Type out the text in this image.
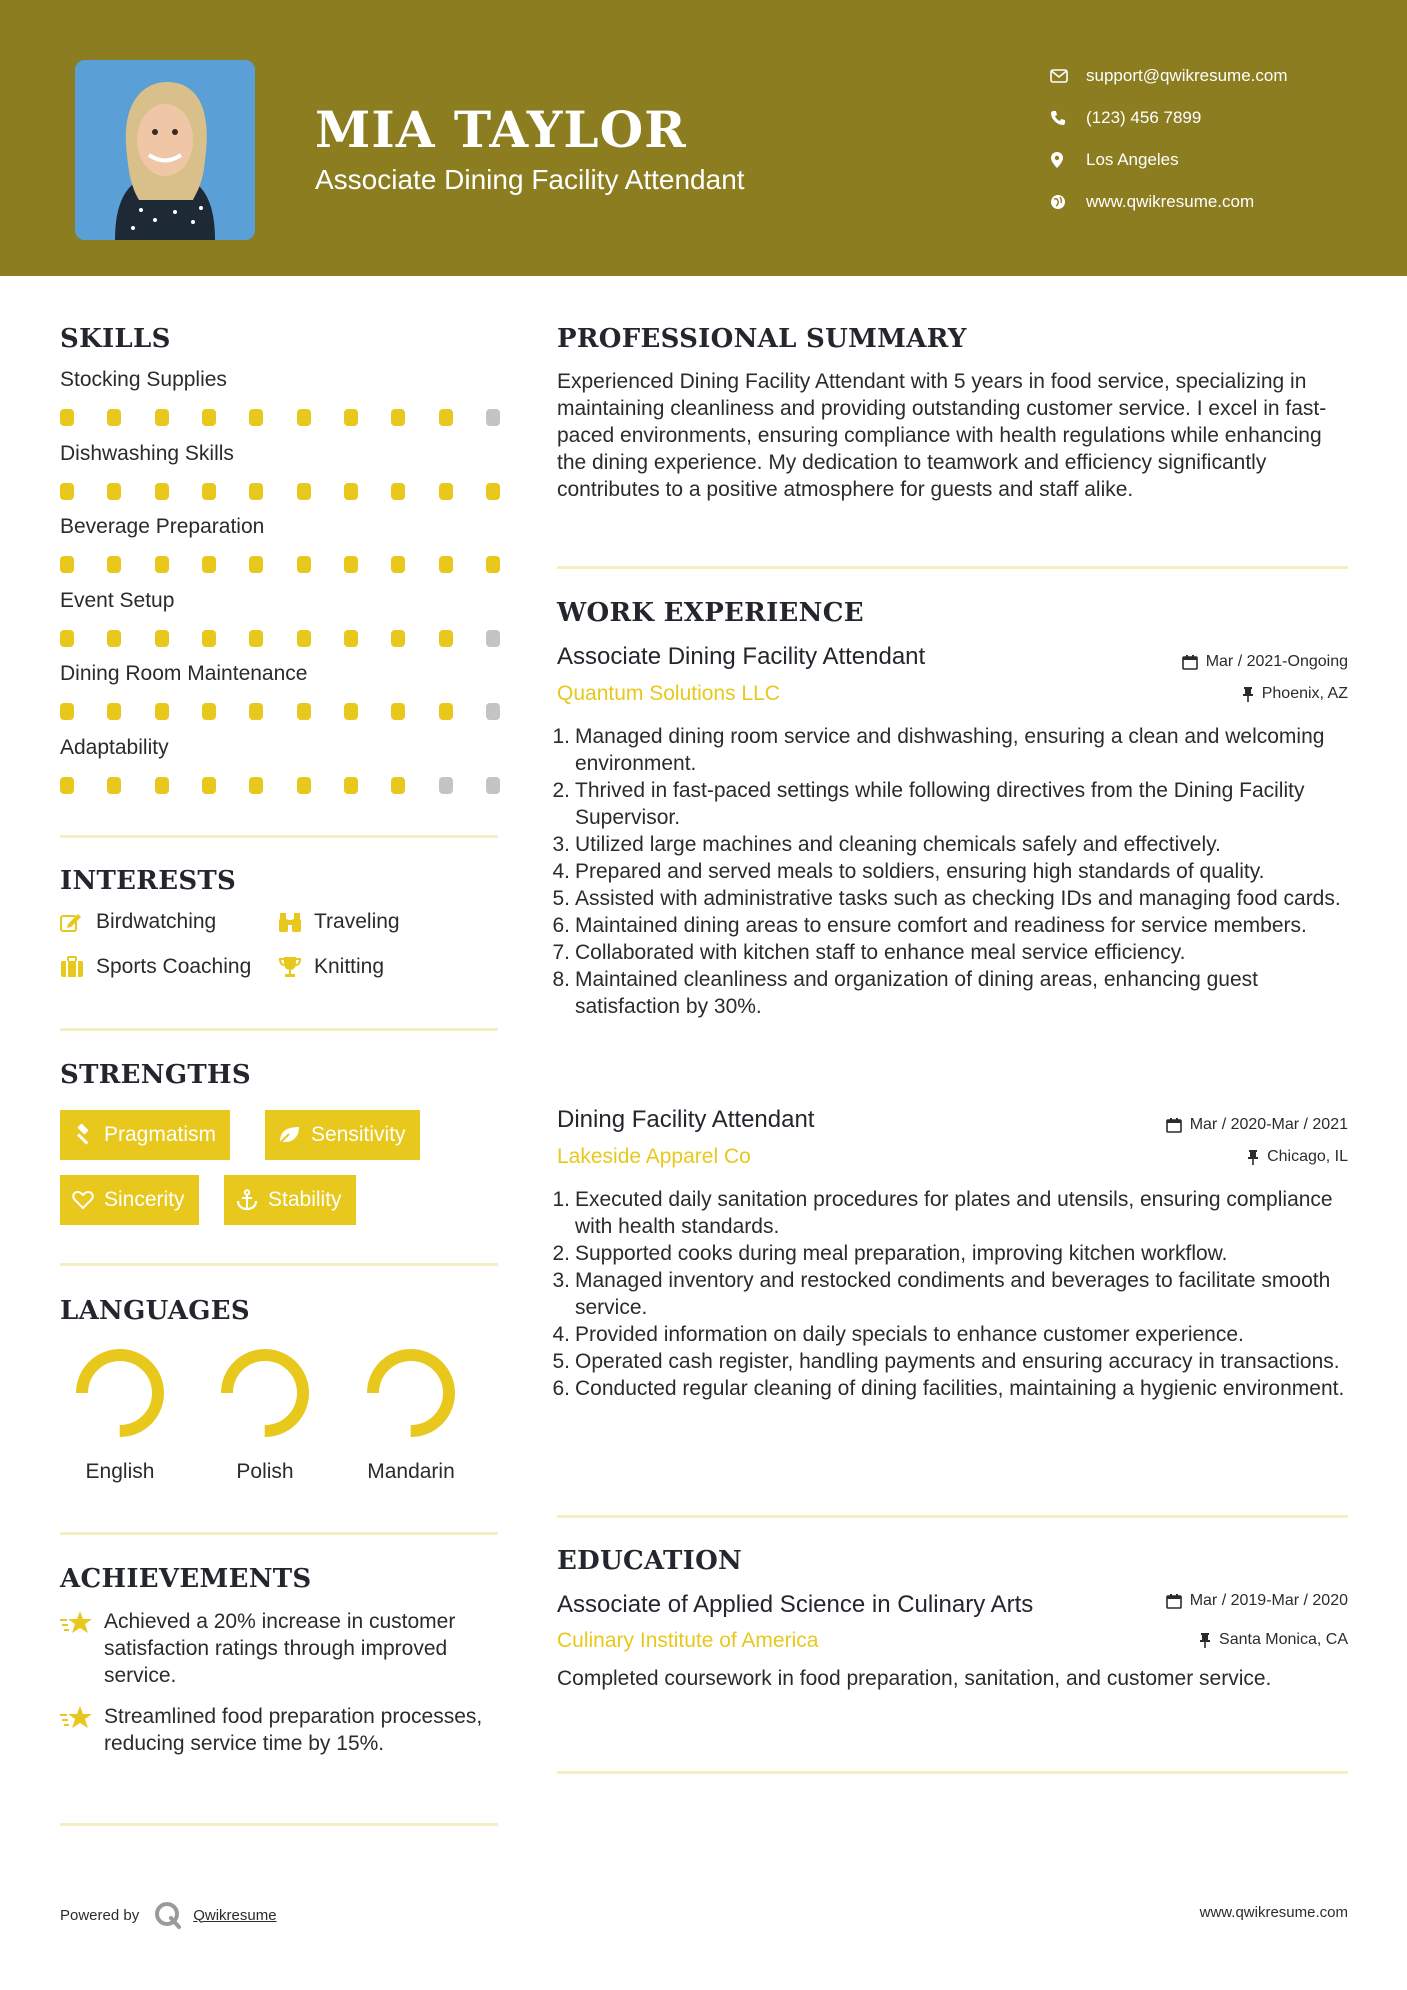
MIA TAYLOR
Associate Dining Facility Attendant
support@qwikresume.com
(123) 456 7899
Los Angeles
www.qwikresume.com
SKILLS
Stocking Supplies
Dishwashing Skills
Beverage Preparation
Event Setup
Dining Room Maintenance
Adaptability
INTERESTS
Birdwatching	Traveling
Sports Coaching	Knitting
STRENGTHS
Pragmatism	Sensitivity
Sincerity	Stability
LANGUAGES
English	Polish	Mandarin
ACHIEVEMENTS
Achieved a 20% increase in customer satisfaction ratings through improved service.
Streamlined food preparation processes, reducing service time by 15%.
PROFESSIONAL SUMMARY
Experienced Dining Facility Attendant with 5 years in food service, specializing in maintaining cleanliness and providing outstanding customer service. I excel in fast-paced environments, ensuring compliance with health regulations while enhancing the dining experience. My dedication to teamwork and efficiency significantly contributes to a positive atmosphere for guests and staff alike.
WORK EXPERIENCE
Associate Dining Facility Attendant	Mar / 2021-Ongoing
Quantum Solutions LLC	Phoenix, AZ
1. Managed dining room service and dishwashing, ensuring a clean and welcoming environment.
2. Thrived in fast-paced settings while following directives from the Dining Facility Supervisor.
3. Utilized large machines and cleaning chemicals safely and effectively.
4. Prepared and served meals to soldiers, ensuring high standards of quality.
5. Assisted with administrative tasks such as checking IDs and managing food cards.
6. Maintained dining areas to ensure comfort and readiness for service members.
7. Collaborated with kitchen staff to enhance meal service efficiency.
8. Maintained cleanliness and organization of dining areas, enhancing guest satisfaction by 30%.
Dining Facility Attendant	Mar / 2020-Mar / 2021
Lakeside Apparel Co	Chicago, IL
1. Executed daily sanitation procedures for plates and utensils, ensuring compliance with health standards.
2. Supported cooks during meal preparation, improving kitchen workflow.
3. Managed inventory and restocked condiments and beverages to facilitate smooth service.
4. Provided information on daily specials to enhance customer experience.
5. Operated cash register, handling payments and ensuring accuracy in transactions.
6. Conducted regular cleaning of dining facilities, maintaining a hygienic environment.
EDUCATION
Associate of Applied Science in Culinary Arts	Mar / 2019-Mar / 2020
Culinary Institute of America	Santa Monica, CA
Completed coursework in food preparation, sanitation, and customer service.
Powered by	Qwikresume	www.qwikresume.com
